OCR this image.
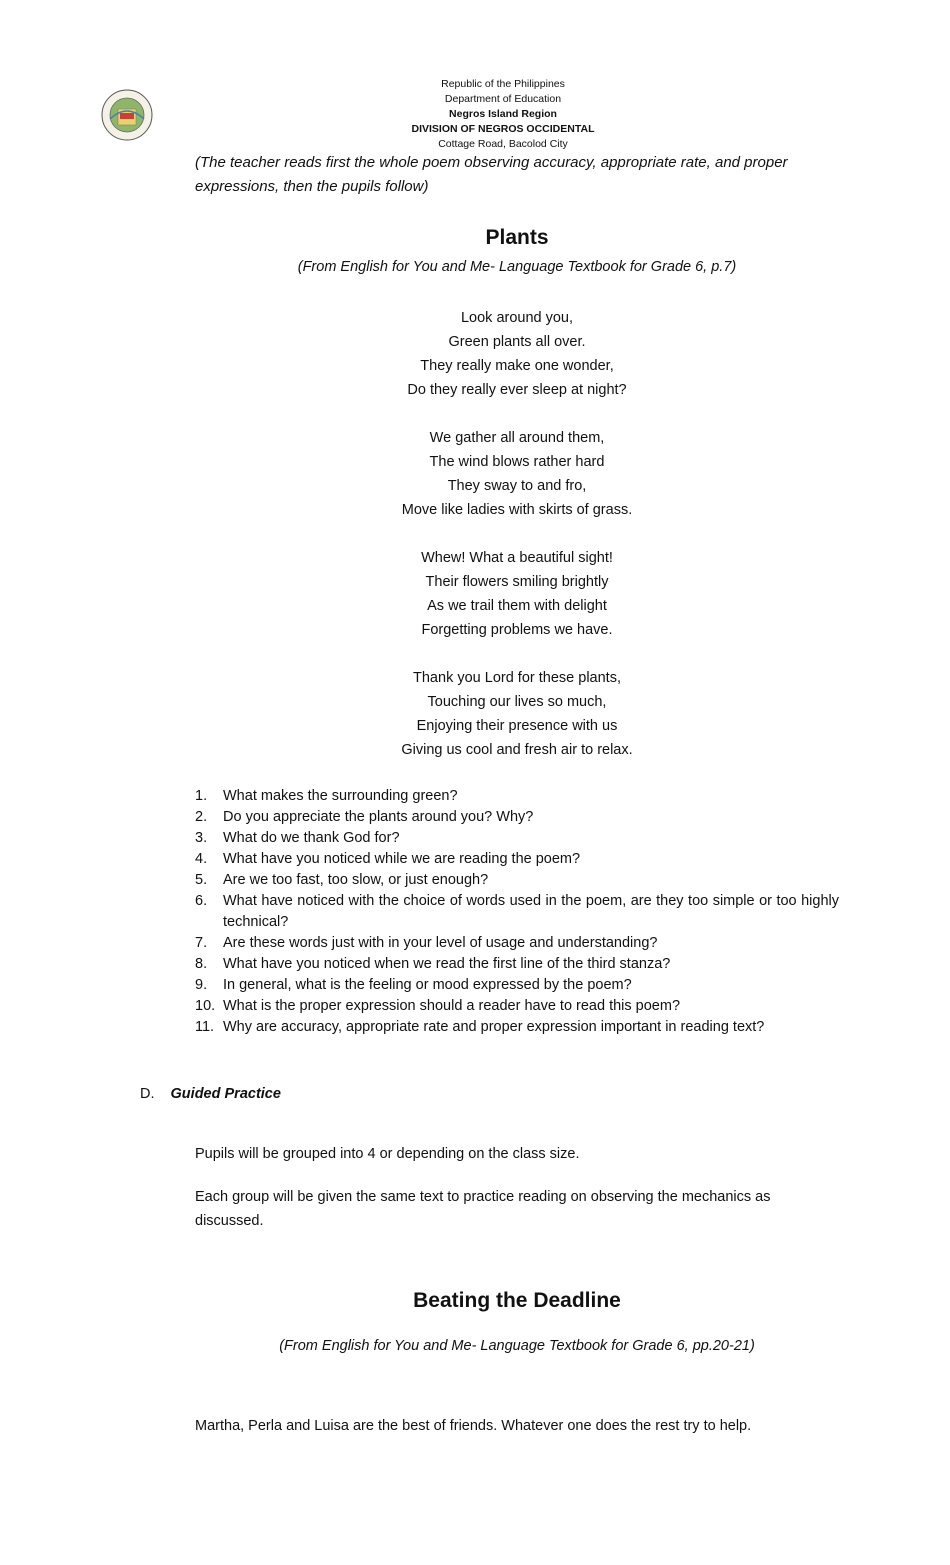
Republic of the Philippines
Department of Education
Negros Island Region
DIVISION OF NEGROS OCCIDENTAL
Cottage Road, Bacolod City
(The teacher reads first the whole poem observing accuracy, appropriate rate, and proper expressions, then the pupils follow)
Plants
(From English for You and Me- Language Textbook for Grade 6, p.7)
Look around you,
Green plants all over.
They really make one wonder,
Do they really ever sleep at night?
We gather all around them,
The wind blows rather hard
They sway to and fro,
Move like ladies with skirts of grass.
Whew! What a beautiful sight!
Their flowers smiling brightly
As we trail them with delight
Forgetting problems we have.
Thank you Lord for these plants,
Touching our lives so much,
Enjoying their presence with us
Giving us cool and fresh air to relax.
1. What makes the surrounding green?
2. Do you appreciate the plants around you? Why?
3. What do we thank God for?
4. What have you noticed while we are reading the poem?
5. Are we too fast, too slow, or just enough?
6. What have noticed with the choice of words used in the poem, are they too simple or too highly technical?
7. Are these words just with in your level of usage and understanding?
8. What have you noticed when we read the first line of the third stanza?
9. In general, what is the feeling or mood expressed by the poem?
10. What is the proper expression should a reader have to read this poem?
11. Why are accuracy, appropriate rate and proper expression important in reading text?
D. Guided Practice

Pupils will be grouped into 4 or depending on the class size.

Each group will be given the same text to practice reading on observing the mechanics as discussed.

Beating the Deadline
(From English for You and Me- Language Textbook for Grade 6, pp.20-21)

Martha, Perla and Luisa are the best of friends. Whatever one does the rest try to help.
